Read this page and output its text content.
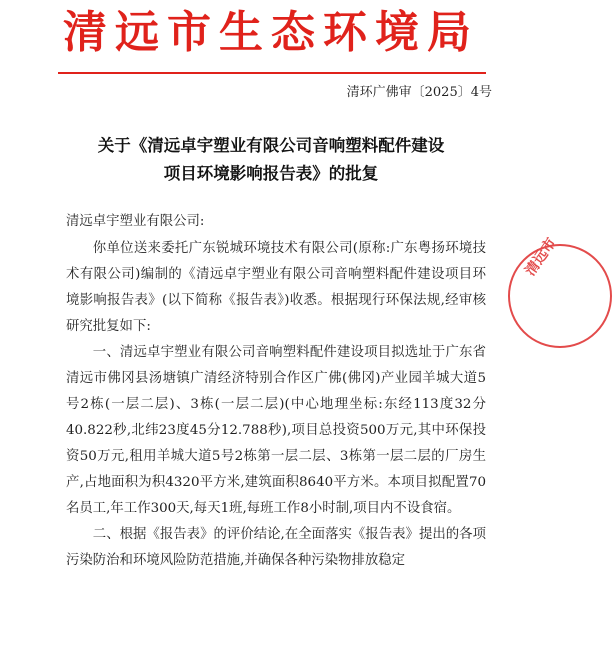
清远市生态环境局
清环广佛审〔2025〕4号
关于《清远卓宇塑业有限公司音响塑料配件建设
项目环境影响报告表》的批复

清远卓宇塑业有限公司:

你单位送来委托广东锐城环境技术有限公司(原称:广东粤扬环境技术有限公司)编制的《清远卓宇塑业有限公司音响塑料配件建设项目环境影响报告表》(以下简称《报告表》)收悉。根据现行环保法规,经审核研究批复如下:

一、清远卓宇塑业有限公司音响塑料配件建设项目拟选址于广东省清远市佛冈县汤塘镇广清经济特别合作区广佛(佛冈)产业园羊城大道5号2栋(一层二层)、3栋(一层二层)(中心地理坐标:东经113度32分40.822秒,北纬23度45分12.788秒),项目总投资500万元,其中环保投资50万元,租用羊城大道5号2栋第一层二层、3栋第一层二层的厂房生产,占地面积为积4320平方米,建筑面积8640平方米。本项目拟配置70名员工,年工作300天,每天1班,每班工作8小时制,项目内不设食宿。

二、根据《报告表》的评价结论,在全面落实《报告表》提出的各项污染防治和环境风险防范措施,并确保各种污染物排放稳定

清远市
